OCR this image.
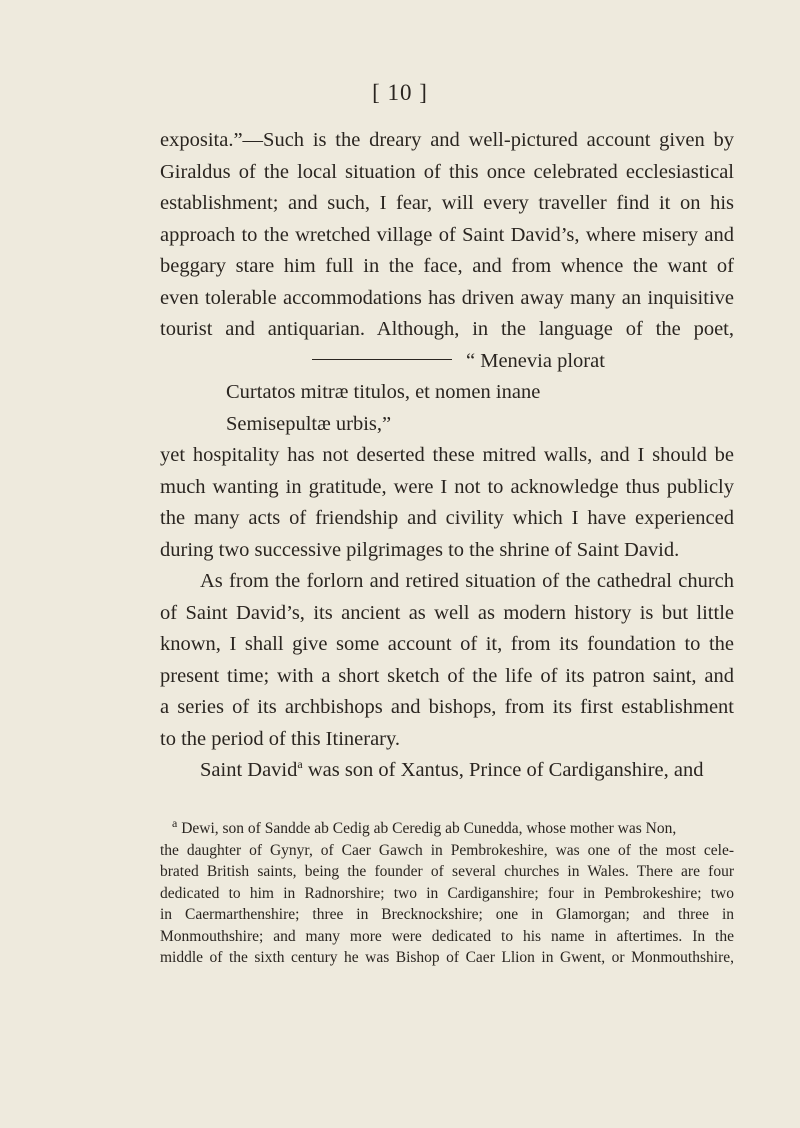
[ 10 ]
exposita.”—Such is the dreary and well-pictured account given by
Giraldus of the local situation of this once celebrated ecclesiastical
establishment; and such, I fear, will every traveller find it on his
approach to the wretched village of Saint David’s, where misery and
beggary stare him full in the face, and from whence the want of
even tolerable accommodations has driven away many an inquisitive
tourist and antiquarian. Although, in the language of the poet,
“ Menevia plorat
Curtatos mitræ titulos, et nomen inane
Semisepultæ urbis,”
yet hospitality has not deserted these mitred walls, and I should be
much wanting in gratitude, were I not to acknowledge thus publicly
the many acts of friendship and civility which I have experienced
during two successive pilgrimages to the shrine of Saint David.
As from the forlorn and retired situation of the cathedral church
of Saint David’s, its ancient as well as modern history is but little
known, I shall give some account of it, from its foundation to the
present time; with a short sketch of the life of its patron saint, and
a series of its archbishops and bishops, from its first establishment
to the period of this Itinerary.
Saint David$^a$ was son of Xantus, Prince of Cardiganshire, and
$^a$ Dewi, son of Sandde ab Cedig ab Ceredig ab Cunedda, whose mother was Non,
the daughter of Gynyr, of Caer Gawch in Pembrokeshire, was one of the most cele-
brated British saints, being the founder of several churches in Wales. There are four
dedicated to him in Radnorshire; two in Cardiganshire; four in Pembrokeshire; two
in Caermarthenshire; three in Brecknockshire; one in Glamorgan; and three in
Monmouthshire; and many more were dedicated to his name in aftertimes. In the
middle of the sixth century he was Bishop of Caer Llion in Gwent, or Monmouthshire,
